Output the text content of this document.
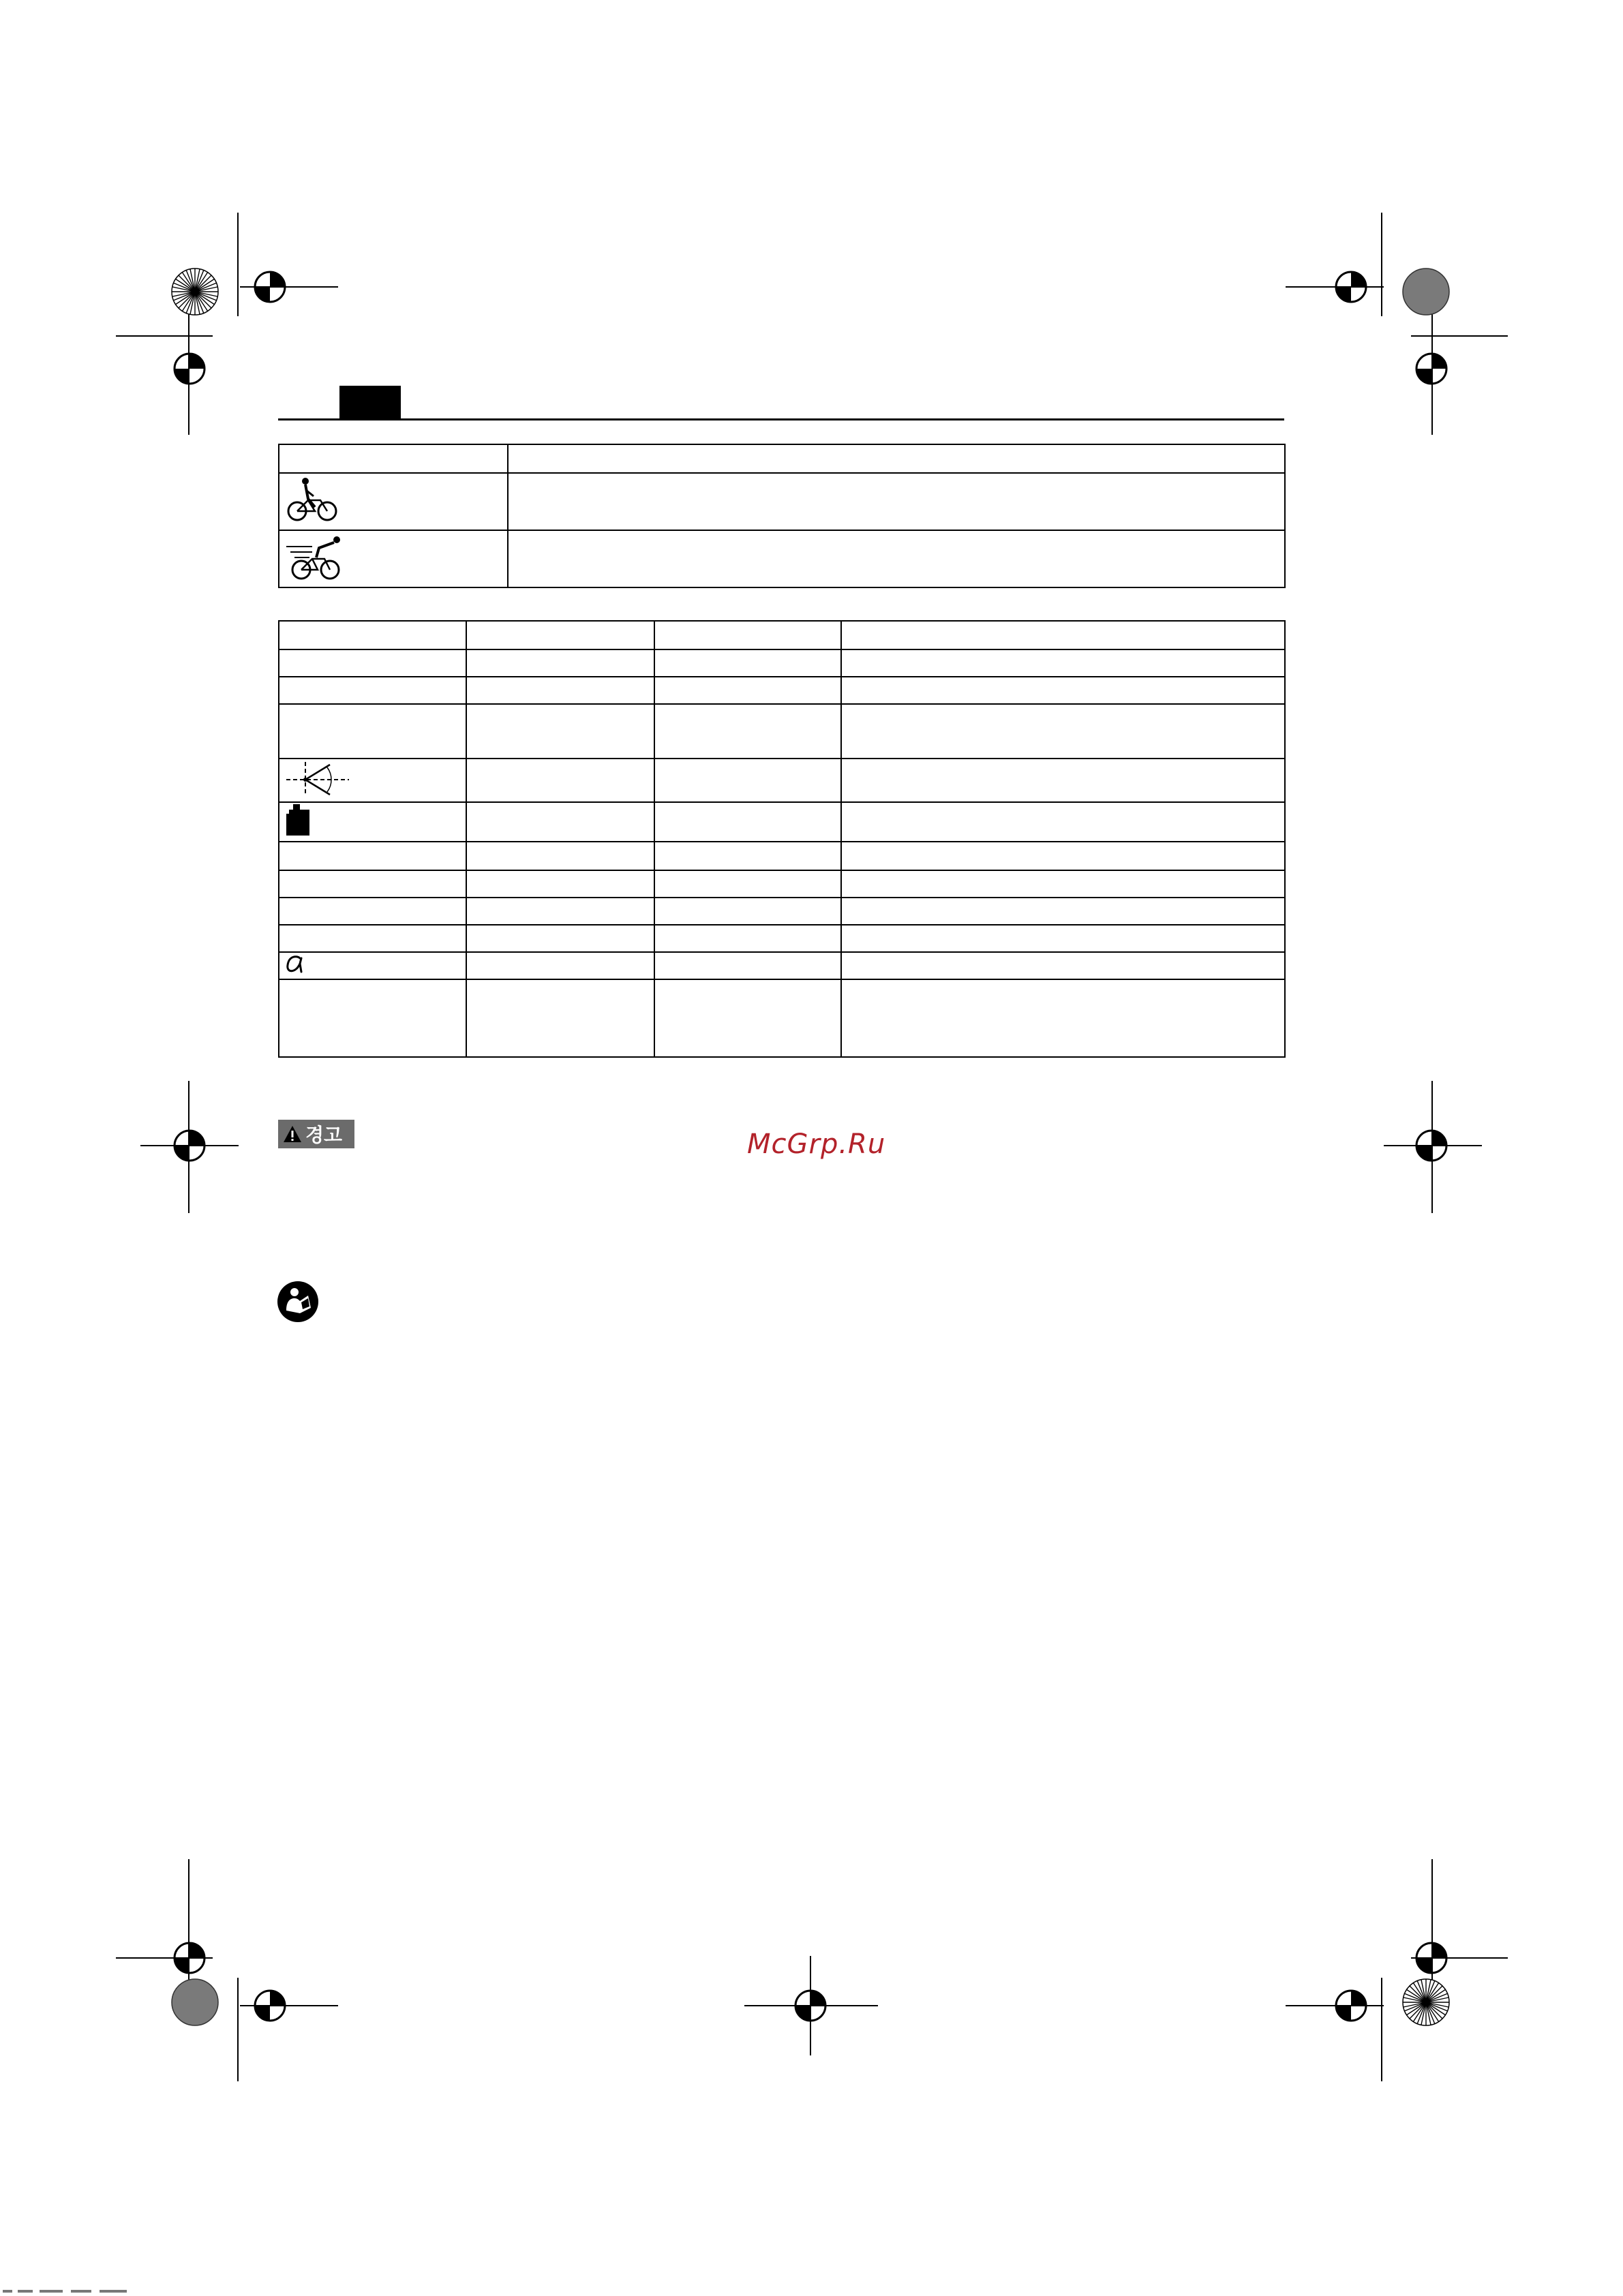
경고	McGrp.Ru
